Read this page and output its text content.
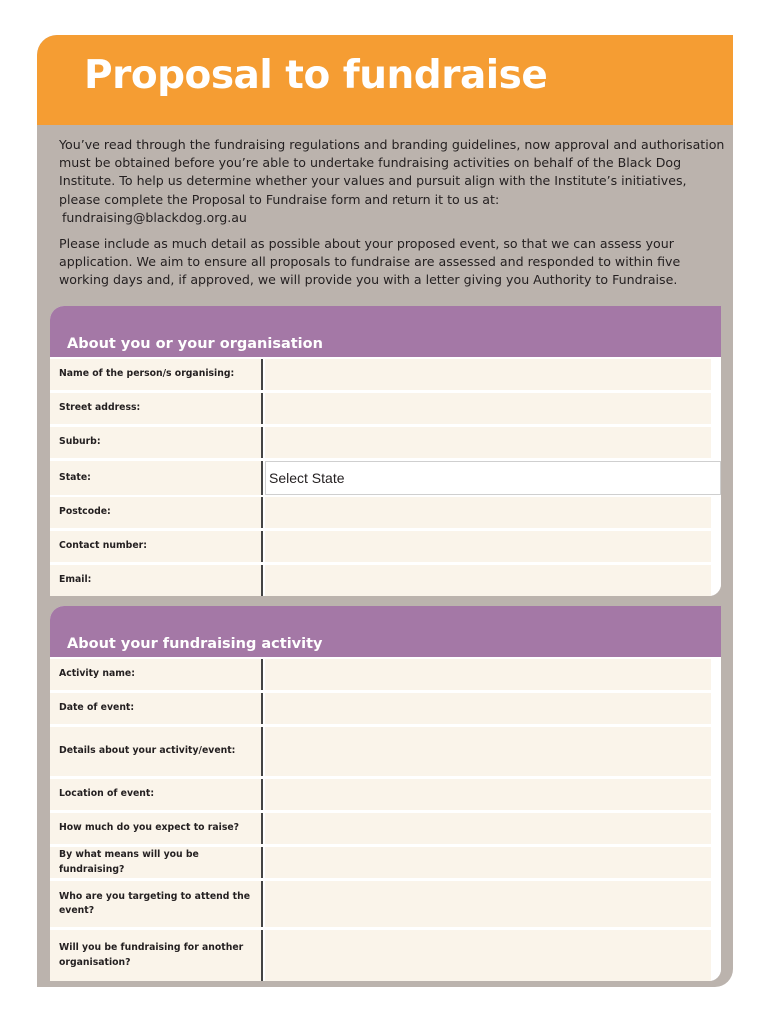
Proposal to fundraise

You’ve read through the fundraising regulations and branding guidelines, now approval and authorisation must be obtained before you’re able to undertake fundraising activities on behalf of the Black Dog Institute. To help us determine whether your values and pursuit align with the Institute’s initiatives, please complete the Proposal to Fundraise form and return it to us at:
fundraising@blackdog.org.au

Please include as much detail as possible about your proposed event, so that we can assess your application. We aim to ensure all proposals to fundraise are assessed and responded to within five working days and, if approved, we will provide you with a letter giving you Authority to Fundraise.

About you or your organisation
Name of the person/s organising:
Street address:
Suburb:
State:	Select State
Postcode:
Contact number:
Email:
About your fundraising activity
Activity name:
Date of event:
Details about your activity/event:
Location of event:
How much do you expect to raise?
By what means will you be fundraising?
Who are you targeting to attend the event?
Will you be fundraising for another organisation?
